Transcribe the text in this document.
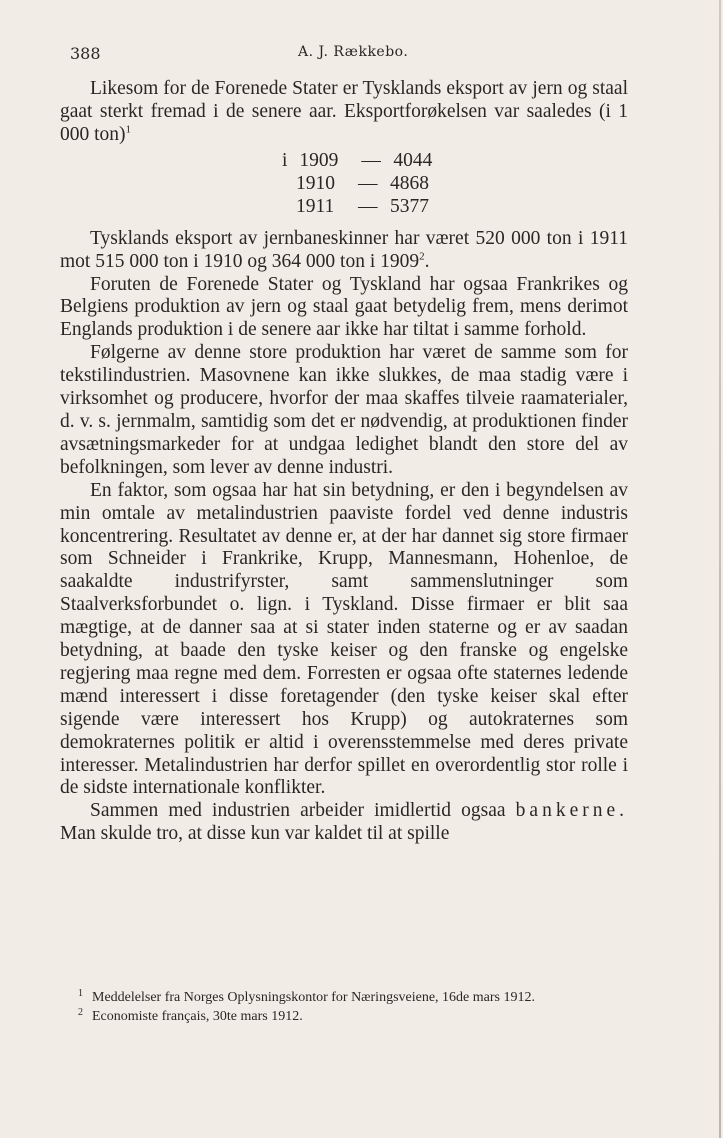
388	A. J. Rækkebo.

Likesom for de Forenede Stater er Tysklands eksport av jern og staal gaat sterkt fremad i de senere aar. Eksportforøkelsen var saaledes (i 1 000 ton)$^1$

i 1909	— 4044
1910	— 4868
1911	— 5377

Tysklands eksport av jernbaneskinner har været 520 000 ton i 1911 mot 515 000 ton i 1910 og 364 000 ton i 1909$^2$.

Foruten de Forenede Stater og Tyskland har ogsaa Frankrikes og Belgiens produktion av jern og staal gaat betydelig frem, mens derimot Englands produktion i de senere aar ikke har tiltat i samme forhold.

Følgerne av denne store produktion har været de samme som for tekstilindustrien. Masovnene kan ikke slukkes, de maa stadig være i virksomhet og producere, hvorfor der maa skaffes tilveie raamaterialer, d. v. s. jernmalm, samtidig som det er nødvendig, at produktionen finder avsætningsmarkeder for at undgaa ledighet blandt den store del av befolkningen, som lever av denne industri.

En faktor, som ogsaa har hat sin betydning, er den i begyndelsen av min omtale av metalindustrien paaviste fordel ved denne industris koncentrering. Resultatet av denne er, at der har dannet sig store firmaer som Schneider i Frankrike, Krupp, Mannesmann, Hohenloe, de saakaldte industrifyrster, samt sammenslutninger som Staalverksforbundet o. lign. i Tyskland. Disse firmaer er blit saa mægtige, at de danner saa at si stater inden staterne og er av saadan betydning, at baade den tyske keiser og den franske og engelske regjering maa regne med dem. Forresten er ogsaa ofte staternes ledende mænd interessert i disse foretagender (den tyske keiser skal efter sigende være interessert hos Krupp) og autokraternes som demokraternes politik er altid i overensstemmelse med deres private interesser. Metalindustrien har derfor spillet en overordentlig stor rolle i de sidste internationale konflikter.

Sammen med industrien arbeider imidlertid ogsaa bankerne. Man skulde tro, at disse kun var kaldet til at spille

1 Meddelelser fra Norges Oplysningskontor for Næringsveiene, 16de mars 1912.
2 Economiste français, 30te mars 1912.
